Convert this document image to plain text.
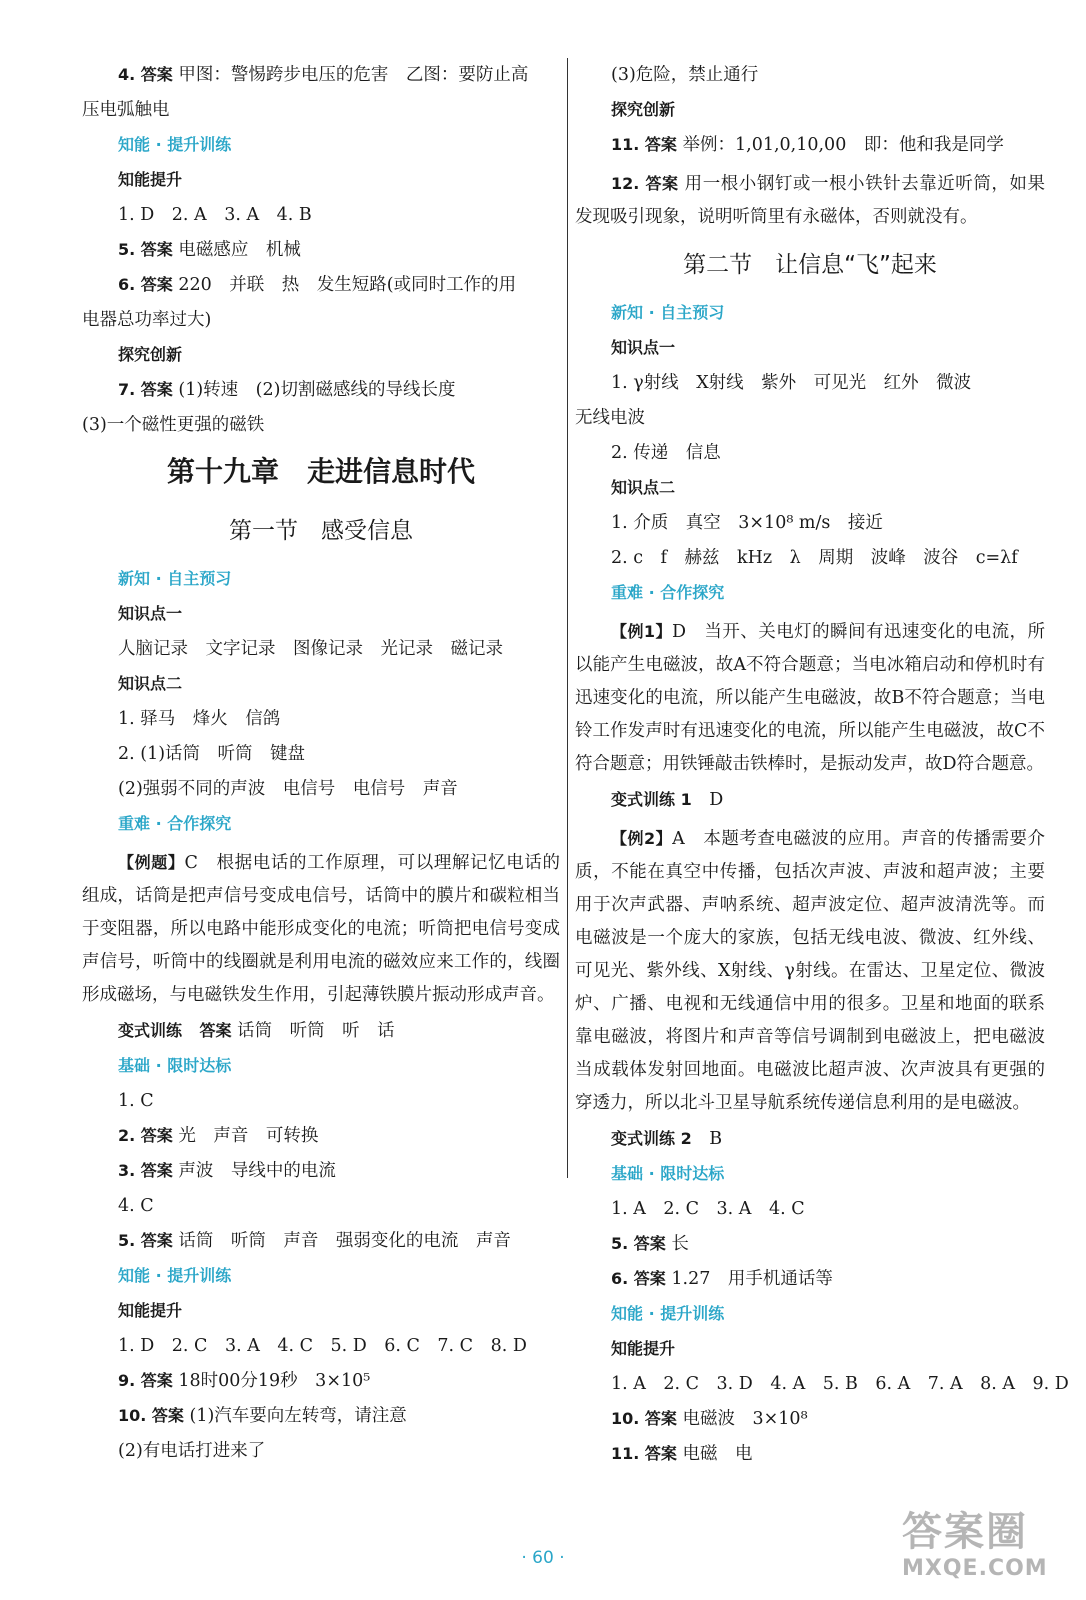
4. 答案 甲图：警惕跨步电压的危害　乙图：要防止高
压电弧触电
知能 · 提升训练
知能提升
1. D　2. A　3. A　4. B
5. 答案 电磁感应　机械
6. 答案 220　并联　热　发生短路(或同时工作的用
电器总功率过大)
探究创新
7. 答案 (1)转速　(2)切割磁感线的导线长度
(3)一个磁性更强的磁铁
第十九章　走进信息时代
第一节　感受信息
新知 · 自主预习
知识点一
人脑记录　文字记录　图像记录　光记录　磁记录
知识点二
1. 驿马　烽火　信鸽
2. (1)话筒　听筒　键盘
(2)强弱不同的声波　电信号　电信号　声音
重难 · 合作探究
【例题】C　 根据电话的工作原理，可以理解记忆电话的组成，话筒是把声信号变成电信号，话筒中的膜片和碳粒相当于变阻器，所以电路中能形成变化的电流；听筒把电信号变成声信号，听筒中的线圈就是利用电流的磁效应来工作的，线圈形成磁场，与电磁铁发生作用，引起薄铁膜片振动形成声音。
变式训练　 答案 话筒　听筒　听　话
基础 · 限时达标
1. C
2. 答案 光　声音　可转换
3. 答案 声波　导线中的电流
4. C
5. 答案 话筒　听筒　声音　强弱变化的电流　声音
知能 · 提升训练
知能提升
1. D　2. C　3. A　4. C　5. D　6. C　7. C　8. D
9. 答案 18时00分19秒　3×10⁵
10. 答案 (1)汽车要向左转弯，请注意
(2)有电话打进来了
(3)危险，禁止通行
探究创新
11. 答案 举例：1,01,0,10,00　即：他和我是同学
12. 答案 用一根小钢钉或一根小铁针去靠近听筒，如果发现吸引现象，说明听筒里有永磁体，否则就没有。
第二节　让信息“飞”起来
新知 · 自主预习
知识点一
1. γ射线　X射线　紫外　可见光　红外　微波
无线电波
2. 传递　信息
知识点二
1. 介质　真空　3×10⁸ m/s　接近
2. c　f　赫兹　kHz　λ　周期　波峰　波谷　c=λf
重难 · 合作探究
【例1】D　 当开、关电灯的瞬间有迅速变化的电流，所以能产生电磁波，故A不符合题意；当电冰箱启动和停机时有迅速变化的电流，所以能产生电磁波，故B不符合题意；当电铃工作发声时有迅速变化的电流，所以能产生电磁波，故C不符合题意；用铁锤敲击铁棒时，是振动发声，故D符合题意。
变式训练 1　 D
【例2】A　 本题考查电磁波的应用。声音的传播需要介质，不能在真空中传播，包括次声波、声波和超声波；主要用于次声武器、声呐系统、超声波定位、超声波清洗等。而电磁波是一个庞大的家族，包括无线电波、微波、红外线、可见光、紫外线、X射线、γ射线。在雷达、卫星定位、微波炉、广播、电视和无线通信中用的很多。卫星和地面的联系靠电磁波，将图片和声音等信号调制到电磁波上，把电磁波当成载体发射回地面。电磁波比超声波、次声波具有更强的穿透力，所以北斗卫星导航系统传递信息利用的是电磁波。
变式训练 2　 B
基础 · 限时达标
1. A　2. C　3. A　4. C
5. 答案 长
6. 答案 1.27　用手机通话等
知能 · 提升训练
知能提升
1. A　2. C　3. D　4. A　5. B　6. A　7. A　8. A　9. D
10. 答案 电磁波　3×10⁸
11. 答案 电磁　电
· 60 ·
答案圈
MXQE.COM
